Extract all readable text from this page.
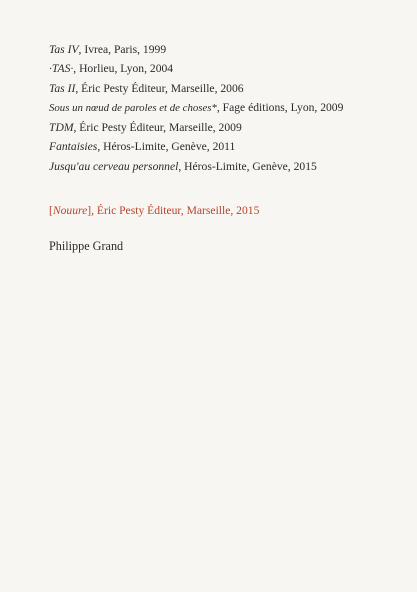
Tas IV, Ivrea, Paris, 1999
·TAS·, Horlieu, Lyon, 2004
Tas II, Éric Pesty Éditeur, Marseille, 2006
Sous un nœud de paroles et de choses*, Fage éditions, Lyon, 2009
TDM, Éric Pesty Éditeur, Marseille, 2009
Fantaisies, Héros-Limite, Genève, 2011
Jusqu'au cerveau personnel, Héros-Limite, Genève, 2015
[Nouure], Éric Pesty Éditeur, Marseille, 2015
Philippe Grand
